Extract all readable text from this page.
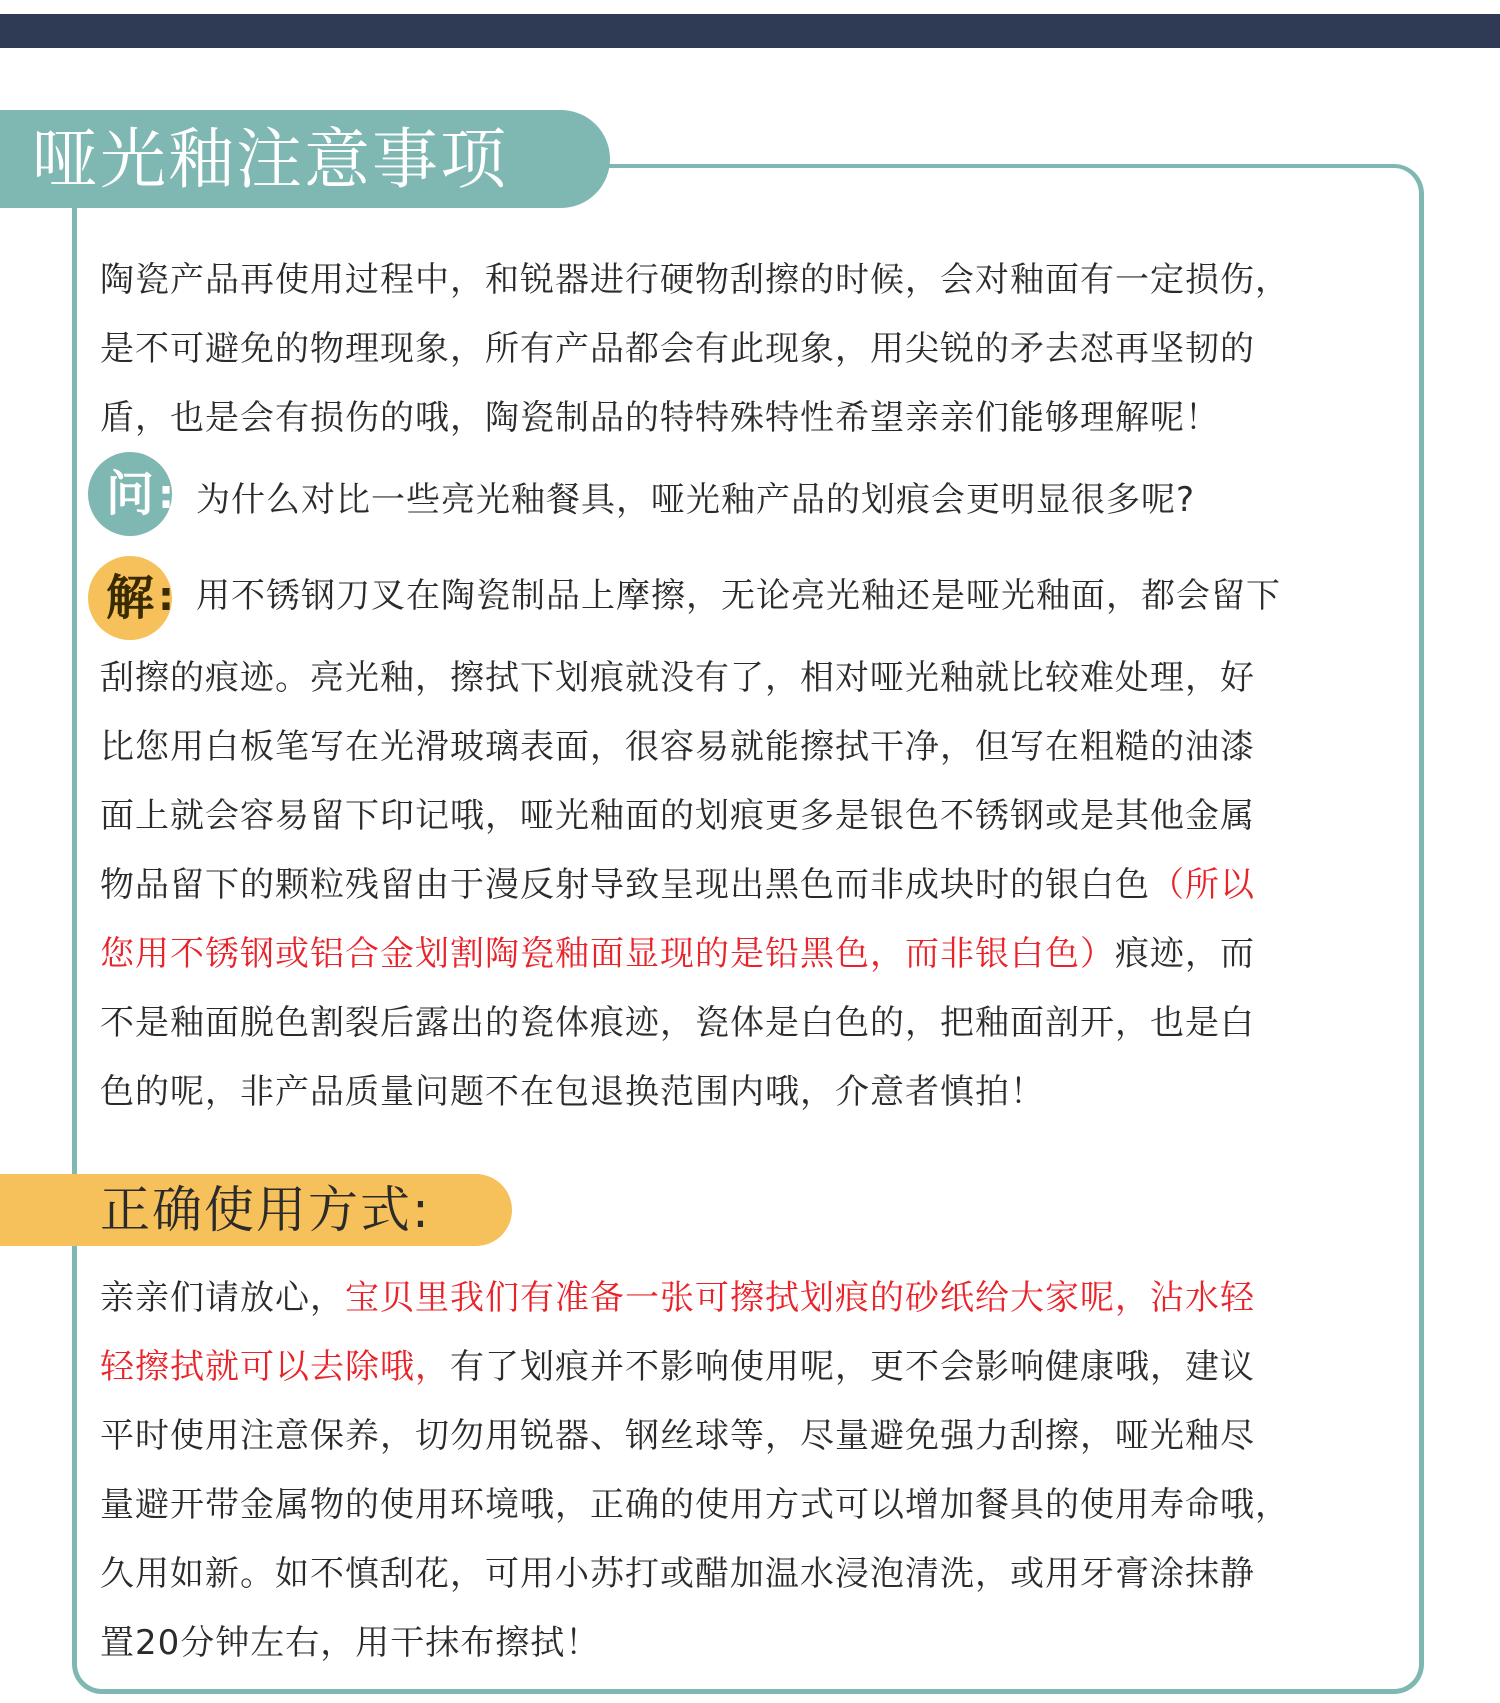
哑光釉注意事项
陶瓷产品再使用过程中，和锐器进行硬物刮擦的时候，会对釉面有一定损伤，
是不可避免的物理现象，所有产品都会有此现象，用尖锐的矛去怼再坚韧的
盾，也是会有损伤的哦，陶瓷制品的特特殊特性希望亲亲们能够理解呢！
问 : 为什么对比一些亮光釉餐具，哑光釉产品的划痕会更明显很多呢?
解 : 用不锈钢刀叉在陶瓷制品上摩擦，无论亮光釉还是哑光釉面，都会留下
刮擦的痕迹。亮光釉，擦拭下划痕就没有了，相对哑光釉就比较难处理，好
比您用白板笔写在光滑玻璃表面，很容易就能擦拭干净，但写在粗糙的油漆
面上就会容易留下印记哦，哑光釉面的划痕更多是银色不锈钢或是其他金属
物品留下的颗粒残留由于漫反射导致呈现出黑色而非成块时的银白色（所以
您用不锈钢或铝合金划割陶瓷釉面显现的是铅黑色，而非银白色）痕迹，而
不是釉面脱色割裂后露出的瓷体痕迹，瓷体是白色的，把釉面剖开，也是白
色的呢，非产品质量问题不在包退换范围内哦，介意者慎拍！
正确使用方式:
亲亲们请放心，宝贝里我们有准备一张可擦拭划痕的砂纸给大家呢，沾水轻
轻擦拭就可以去除哦，有了划痕并不影响使用呢，更不会影响健康哦，建议
平时使用注意保养，切勿用锐器、钢丝球等，尽量避免强力刮擦，哑光釉尽
量避开带金属物的使用环境哦，正确的使用方式可以增加餐具的使用寿命哦，
久用如新。如不慎刮花，可用小苏打或醋加温水浸泡清洗，或用牙膏涂抹静
置20分钟左右，用干抹布擦拭！
